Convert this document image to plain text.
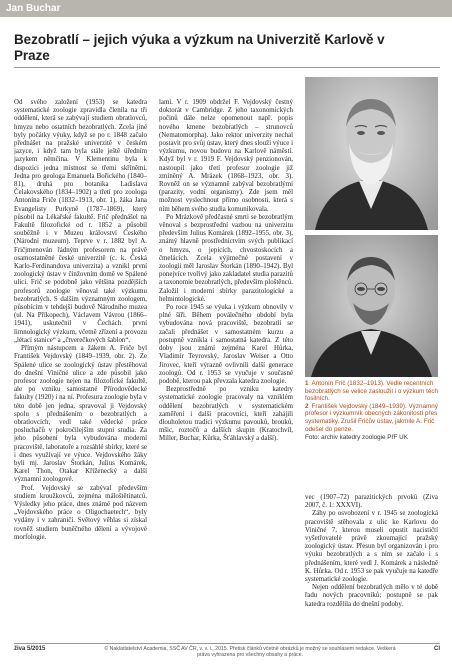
Jan Buchar
Bezobratlí – jejich výuka a výzkum na Univerzitě Karlově v Praze

Od svého založení (1953) se katedra systematické zoologie zpravidla členila na tři oddělení, která se zabývají studiem obratlovců, hmyzu nebo ostatních bezobratlých. Zcela jiné byly počátky výuky, když se po r. 1848 začalo přednášet na pražské univerzitě v českém jazyce, i když tam byla stále ještě úředním jazykem němčina. V Klementinu byla k dispozici jedna místnost se třemi skříněmi. Jedna pro geologa Emanuela Bořického (1840–81), druhá pro botanika Ladislava Čelakovského (1834–1902) a třetí pro zoologa Antonína Friče (1832–1913, obr. 1), žáka Jana Evangelisty Purkyně (1787–1869), který působil na Lékařské fakultě. Frič přednášel na Fakultě filozofické od r. 1852 a působil souběžně i v Muzeu království Českého (Národní muzeum). Teprve v r. 1882 byl A. Fričjmenován řádným profesorem na právě osamostatněné české univerzitě (c. k. Česká Karlo-Ferdinandova univerzita) a vznikl první zoologický ústav v činžovním domě ve Spálené ulici. Frič se podobně jako většina pozdějších profesorů zoologie věnoval také výzkumu bezobratlých. S dalším významným zoologem, působícím v tehdejší budově Národního muzea (ul. Na Příkopech), Václavem Vávrou (1866–1941), uskutečnil v Čechách první limnologický výzkum, včetně zřízení a provozu „létací stanice“ a „čtverečkových šablon“.

Přímým nástupcem a žákem A. Friče byl František Vejdovský (1849–1939, obr. 2). Ze Spálené ulice se zoologický ústav přestěhoval do dnešní Viničné ulice a zde působil jako profesor zoologie nejen na filozofické fakultě, ale po vzniku samostatné Přírodovědecké fakulty (1920) i na ní. Profesura zoologie byla v této době jen jedna, spravoval ji Vejdovský spolu s přednášením o bezobratlých a obratlovcích, vedl také vědecké práce posluchačů v pokročilejším stupni studia. Za jeho působení byla vybudována moderní pracoviště, laboratoře a rozsáhlé sbírky, které se i dnes využívají ve výuce. Vejdovského žáky byli mj. Jaroslav Štorkán, Julius Komárek, Karel Thon, Otakar Kříženecký a další významní zoologové.

Prof. Vejdovský se zabýval především studiem kroužkovců, zejména máloštětinatců. Výsledky jeho práce, dnes známé pod názvem „Vejdovského práce o Oligochaetech“, byly vydány i v zahraničí. Světový věhlas si získal rovněž studiem buněčného dělení a vývojové morfologie.

lami. V r. 1909 obdržel F. Vejdovský čestný doktorát v Cambridge. Z jeho taxonomických počinů dále nelze opomenout např. popis nového kmene bezobratlých – strunovců (Nematomorpha). Jako rektor univerzity nechal postavit pro svůj ústav, který dnes slouží výuce i výzkumu, novou budovu na Karlově náměstí. Když byl v r. 1919 F. Vejdovský penzionován, nastoupil jako třetí profesor zoologie již zmíněný A. Mrázek (1868–1923, obr. 3). Rovněž on se významně zabýval bezobratlými (parazity, vodní organismy). Zde jsem měl možnost vyslechnout přímo osobnosti, která s ním během svého studia komunikovala.

Po Mrázkově předčasné smrti se bezobratlým věnoval s bezprostřední vazbou na univerzitu především Julius Komárek (1892–1955, obr. 3), známý hlavně prostřednictvím svých publikací o hmyzu, o jepicích, chvostoskocích a čmelácích. Zcela výjimečné postavení v zoologii měl Jaroslav Štorkán (1890–1942). Byl ponejvíce tvořivý jako zakladatel studia parazitů a taxonomie bezobratlých, především ploštěnců. Založil i moderní sbírky parazitologické a helmintologické.

Po roce 1945 se výuka i výzkum obnovily v plné šíři. Během poválečného období byla vybudována nová pracoviště, bezobratlí se začali přednášet v samostatném kurzu a postupně vznikla i samostatná katedra. Z této doby jsou známí zejména Karel Hůrka, Vladimír Teyrovský, Jaroslav Weiser a Otto Jírovec, kteří výrazně ovlivnili další generace zoologů. Od r. 1953 se vyučuje v současné podobě, kterou pak převzala katedra zoologie.

Bezprostředně po vzniku katedry systematické zoologie pracovaly na vzniklém oddělení bezobratlých v systematickém zaměření i další pracovníci, kteří zahájili dlouholetou tradici výzkumu pavouků, brouků, mšic, roztočů a dalších skupin (Kratochvíl, Miller, Buchar, Kůrka, Šťáhlavský a další).

1 Antonín Frič (1832–1913). Vedle recentních bezobratlých se velice zasloužil i o výzkum těch fosilních.
2 František Vejdovský (1849–1939). Významný profesor i výzkumník obecných zákonitostí přes systematiky. Zrušil Fričův ústav, jakmile A. Frič odešel do penze.
Foto: archiv katedry zoologie PřF UK

vec (1907–72) parazitických prvoků (Živa 2007, č. 1: XXXVI).

Záhy po osvobození v r. 1945 se zoologická pracoviště stěhovala z ulic ke Karlovu do Viničné 7, kterou museli opustit nacističtí vyšetřovatelé právě zkoumající pražský zoologický ústav. Přesun byl organizován i pro výuku bezobratlých a s ním se začalo i s přednášením, které vedl J. Komárek a následně K. Hůrka. Od r. 1953 se pak vyučuje na katedře systematické zoologie.

Nejen oddělení bezobratlých mělo v té době řadu nových pracovníků; postupně se pak katedra rozdělila do dnešní podoby.

živa 5/2015	© Nakladatelství Academia, SSČ AV ČR, v. v. i., 2015. Přetisk článků včetně obrázků je možný se souhlasem redakce. Veškerá práva vyhrazena pro všechny obsahy a práce.
CI
